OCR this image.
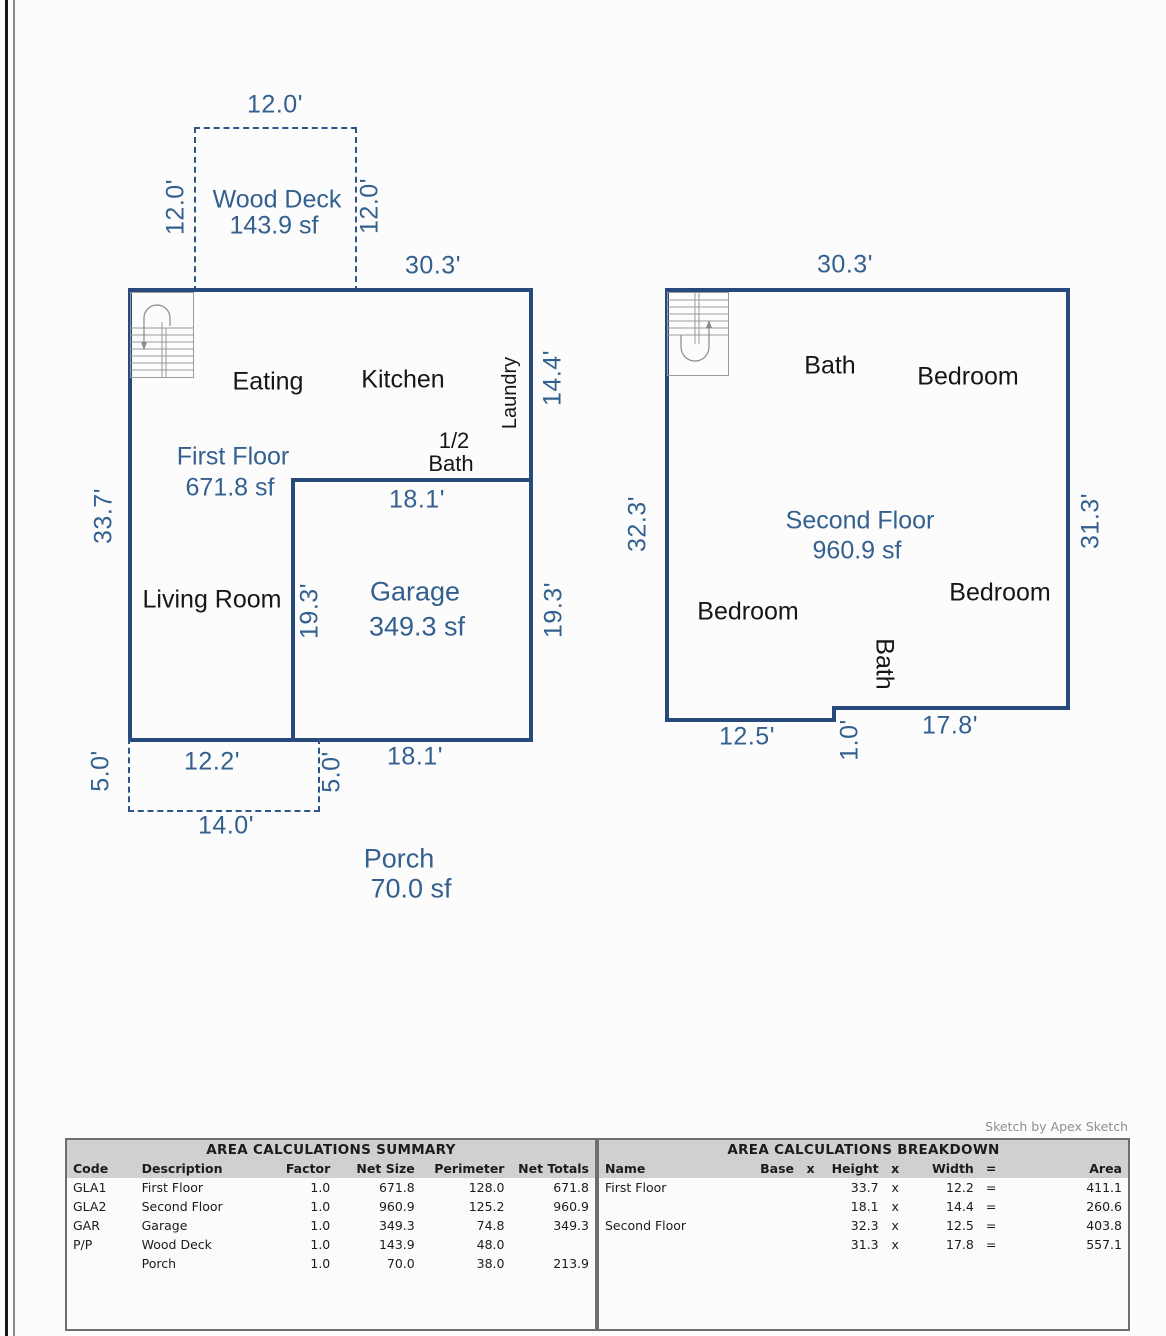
12.0'
12.0'	12.0'
Wood Deck
143.9 sf
30.3'
33.7'
14.4'
Eating Kitchen	Laundry
1/2
Bath
First Floor
671.8 sf
Living Room
18.1'
19.3'	19.3'
Garage
349.3 sf
12.2'	18.1'
5.0'	5.0'
14.0'
Porch
70.0 sf
30.3'
32.3'	31.3'
12.5' 1.0' 17.8'
Bath Bedroom
Second Floor
960.9 sf
Bedroom
Bedroom
Bath
Sketch by Apex Sketch
AREA CALCULATIONS SUMMARY					
Code	Description	Factor	Net Size	Perimeter	Net Totals
GLA1	First Floor	1.0	671.8	128.0	671.8
GLA2	Second Floor	1.0	960.9	125.2	960.9
GAR	Garage	1.0	349.3	74.8	349.3
P/P	Wood Deck	1.0	143.9	48.0	
	Porch	1.0	70.0	38.0	213.9
AREA CALCULATIONS BREAKDOWN							
Name	Base	x	Height	x	Width	=	Area
First Floor			33.7	x	12.2	=	411.1
			18.1	x	14.4	=	260.6
Second Floor			32.3	x	12.5	=	403.8
			31.3	x	17.8	=	557.1
